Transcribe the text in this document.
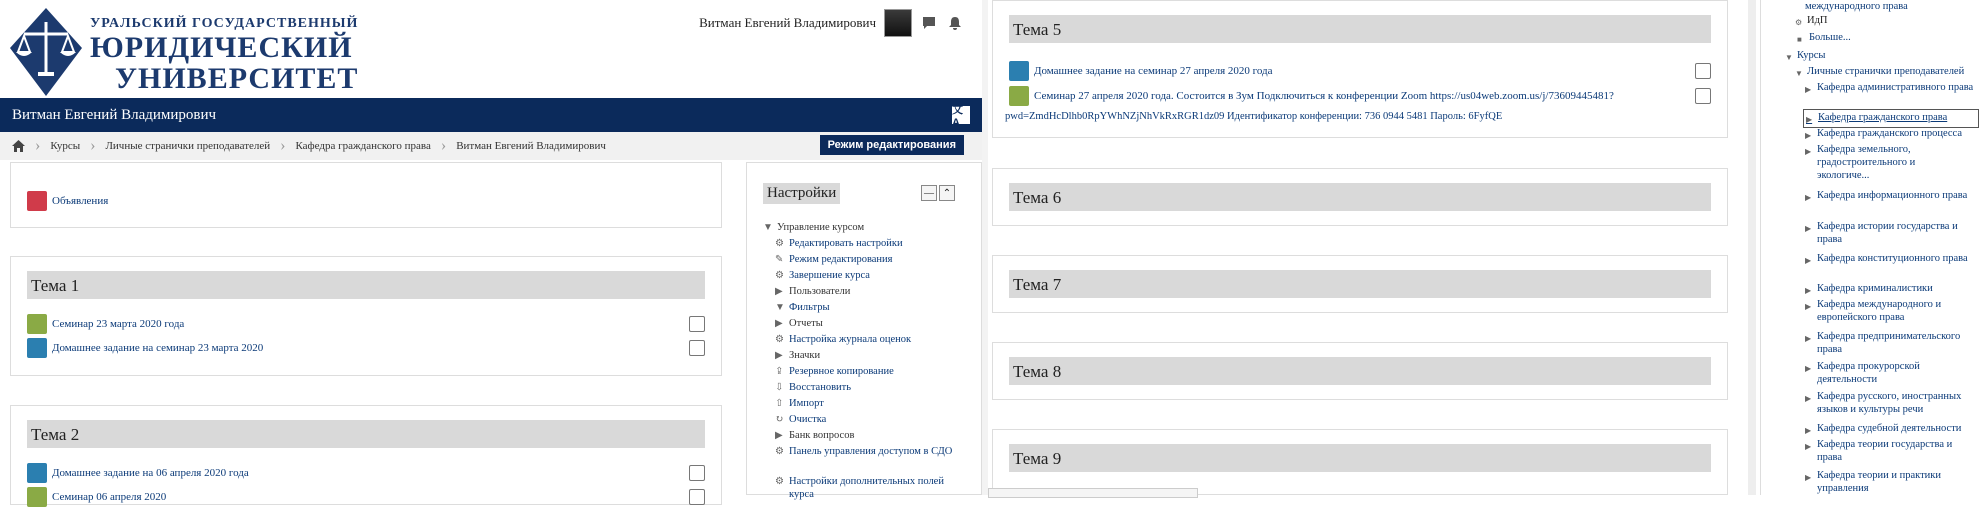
УРАЛЬСКИЙ ГОСУДАРСТВЕННЫЙ
ЮРИДИЧЕСКИЙ
УНИВЕРСИТЕТ
Витман Евгений Владимирович
Витман Евгений Владимирович	文A
› Курсы › Личные странички преподавателей › Кафедра гражданского права › Витман Евгений Владимирович	Режим редактирования
Объявления
Тема 1
Семинар 23 марта 2020 года
Домашнее задание на семинар 23 марта 2020
Тема 2
Домашнее задание на 06 апреля 2020 года
Семинар 06 апреля 2020
Настройки	— ⌃
▼ Управление курсом
⚙ Редактировать настройки
✎ Режим редактирования
⚙ Завершение курса
▶ Пользователи
▼ Фильтры
▶ Отчеты
⚙ Настройка журнала оценок
▶ Значки
⇪ Резервное копирование
⇩ Восстановить
⇧ Импорт
↻ Очистка
▶ Банк вопросов
⚙ Панель управления доступом в СДО
⚙ Настройки дополнительных полей курса
Тема 5
Домашнее задание на семинар 27 апреля 2020 года
Семинар 27 апреля 2020 года. Состоится в Зум Подключиться к конференции Zoom https://us04web.zoom.us/j/73609445481?
pwd=ZmdHcDlhb0RpYWhNZjNhVkRxRGR1dz09 Идентификатор конференции: 736 0944 5481 Пароль: 6FyfQE
Тема 6
Тема 7
Тема 8
Тема 9
международного права
⚙ ИдП
■ Больше...
▼ Курсы
▼ Личные странички преподавателей
▶ Кафедра административного права
▶ Кафедра гражданского права
▶ Кафедра гражданского процесса
▶ Кафедра земельного, градостроительного и экологиче...
▶ Кафедра информационного права
▶ Кафедра истории государства и права
▶ Кафедра конституционного права
▶ Кафедра криминалистики
▶ Кафедра международного и европейского права
▶ Кафедра предпринимательского права
▶ Кафедра прокурорской деятельности
▶ Кафедра русского, иностранных языков и культуры речи
▶ Кафедра судебной деятельности
▶ Кафедра теории государства и права
▶ Кафедра теории и практики управления
